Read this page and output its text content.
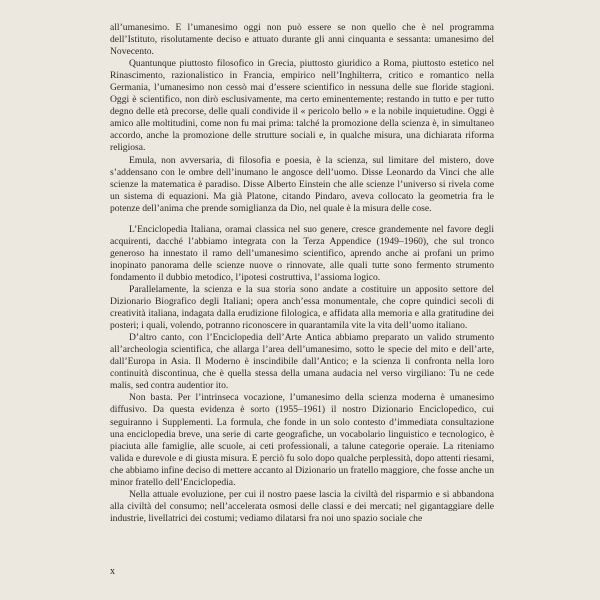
all’umanesimo. E l’umanesimo oggi non può essere se non quello che è nel programma dell’Istituto, risolutamente deciso e attuato durante gli anni cinquanta e sessanta: umanesimo del Novecento.

Quantunque piuttosto filosofico in Grecia, piuttosto giuridico a Roma, piuttosto estetico nel Rinascimento, razionalistico in Francia, empirico nell’Inghilterra, critico e romantico nella Germania, l’umanesimo non cessò mai d’essere scientifico in nessuna delle sue floride stagioni. Oggi è scientifico, non dirò esclusivamente, ma certo eminentemente; restando in tutto e per tutto degno delle età precorse, delle quali condivide il « pericolo bello » e la nobile inquietudine. Oggi è amico alle moltitudini, come non fu mai prima: talché la promozione della scienza è, in simultaneo accordo, anche la promozione delle strutture sociali e, in qualche misura, una dichiarata riforma religiosa.

Emula, non avversaria, di filosofia e poesia, è la scienza, sul limitare del mistero, dove s’addensano con le ombre dell’inumano le angosce dell’uomo. Disse Leonardo da Vinci che alle scienze la matematica è paradiso. Disse Alberto Einstein che alle scienze l’universo si rivela come un sistema di equazioni. Ma già Platone, citando Pindaro, aveva collocato la geometria fra le potenze dell’anima che prende somiglianza da Dio, nel quale è la misura delle cose.

L’Enciclopedia Italiana, oramai classica nel suo genere, cresce grandemente nel favore degli acquirenti, dacché l’abbiamo integrata con la Terza Appendice (1949–1960), che sul tronco generoso ha innestato il ramo dell’umanesimo scientifico, aprendo anche ai profani un primo inopinato panorama delle scienze nuove o rinnovate, alle quali tutte sono fermento strumento fondamento il dubbio metodico, l’ipotesi costruttiva, l’assioma logico.

Parallelamente, la scienza e la sua storia sono andate a costituire un apposito settore del Dizionario Biografico degli Italiani; opera anch’essa monumentale, che copre quindici secoli di creatività italiana, indagata dalla erudizione filologica, e affidata alla memoria e alla gratitudine dei posteri; i quali, volendo, potranno riconoscere in quarantamila vite la vita dell’uomo italiano.

D’altro canto, con l’Enciclopedia dell’Arte Antica abbiamo preparato un valido strumento all’archeologia scientifica, che allarga l’area dell’umanesimo, sotto le specie del mito e dell’arte, dall’Europa in Asia. Il Moderno è inscindibile dall’Antico; e la scienza li confronta nella loro continuità discontinua, che è quella stessa della umana audacia nel verso virgiliano: Tu ne cede malis, sed contra audentior ito.

Non basta. Per l’intrinseca vocazione, l’umanesimo della scienza moderna è umanesimo diffusivo. Da questa evidenza è sorto (1955–1961) il nostro Dizionario Enciclopedico, cui seguiranno i Supplementi. La formula, che fonde in un solo contesto d’immediata consultazione una enciclopedia breve, una serie di carte geografiche, un vocabolario linguistico e tecnologico, è piaciuta alle famiglie, alle scuole, ai ceti professionali, a talune categorie operaie. La riteniamo valida e durevole e di giusta misura. E perciò fu solo dopo qualche perplessità, dopo attenti riesami, che abbiamo infine deciso di mettere accanto al Dizionario un fratello maggiore, che fosse anche un minor fratello dell’Enciclopedia.

Nella attuale evoluzione, per cui il nostro paese lascia la civiltà del risparmio e si abbandona alla civiltà del consumo; nell’accelerata osmosi delle classi e dei mercati; nel gigantaggiare delle industrie, livellatrici dei costumi; vediamo dilatarsi fra noi uno spazio sociale che

x
